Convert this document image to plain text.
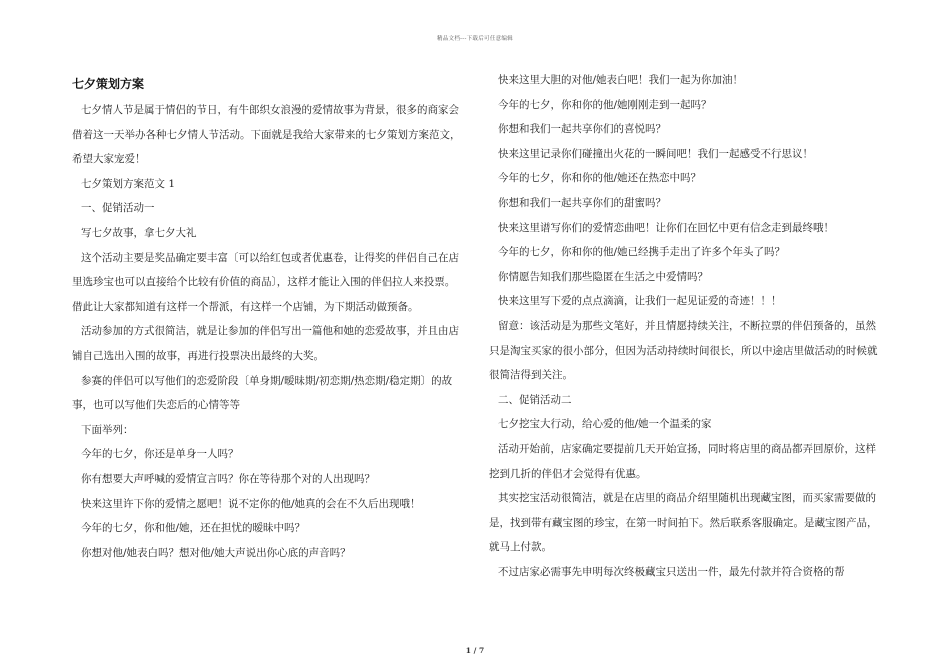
精品文档---下载后可任意编辑
七夕策划方案

七夕情人节是属于情侣的节日，有牛郎织女浪漫的爱情故事为背景，很多的商家会借着这一天举办各种七夕情人节活动。下面就是我给大家带来的七夕策划方案范文，希望大家宠爱！

七夕策划方案范文 1

一、促销活动一

写七夕故事，拿七夕大礼

这个活动主要是奖品确定要丰富〔可以给红包或者优惠卷，让得奖的伴侣自己在店里选珍宝也可以直接给个比较有价值的商品〕，这样才能让入围的伴侣拉人来投票。借此让大家都知道有这样一个帮派，有这样一个店铺，为下期活动做预备。

活动参加的方式很简洁，就是让参加的伴侣写出一篇他和她的恋爱故事，并且由店铺自己选出入围的故事，再进行投票决出最终的大奖。

参赛的伴侣可以写他们的恋爱阶段〔单身期/暧昧期/初恋期/热恋期/稳定期〕的故事，也可以写他们失恋后的心情等等

下面举列：

今年的七夕，你还是单身一人吗？

你有想要大声呼喊的爱情宣言吗？你在等待那个对的人出现吗？

快来这里许下你的爱情之愿吧！说不定你的他/她真的会在不久后出现哦！

今年的七夕，你和他/她，还在担忧的暧昧中吗？

你想对他/她表白吗？想对他/她大声说出你心底的声音吗？

快来这里大胆的对他/她表白吧！我们一起为你加油！

今年的七夕，你和你的他/她刚刚走到一起吗？

你想和我们一起共享你们的喜悦吗？

快来这里记录你们碰撞出火花的一瞬间吧！我们一起感受不行思议！

今年的七夕，你和你的他/她还在热恋中吗？

你想和我们一起共享你们的甜蜜吗？

快来这里谱写你们的爱情恋曲吧！让你们在回忆中更有信念走到最终哦！

今年的七夕，你和你的他/她已经携手走出了许多个年头了吗？

你情愿告知我们那些隐匿在生活之中爱情吗？

快来这里写下爱的点点滴滴，让我们一起见证爱的奇迹！！！

留意：该活动是为那些文笔好，并且情愿持续关注，不断拉票的伴侣预备的，虽然只是淘宝买家的很小部分，但因为活动持续时间很长，所以中途店里做活动的时候就很简洁得到关注。

二、促销活动二

七夕挖宝大行动，给心爱的他/她一个温柔的家

活动开始前，店家确定要提前几天开始宣扬，同时将店里的商品都弄回原价，这样挖到几折的伴侣才会觉得有优惠。

其实挖宝活动很简洁，就是在店里的商品介绍里随机出现藏宝图，而买家需要做的是，找到带有藏宝图的珍宝，在第一时间拍下。然后联系客服确定。是藏宝图产品，就马上付款。

不过店家必需事先申明每次终极藏宝只送出一件，最先付款并符合资格的帮

1 / 7
